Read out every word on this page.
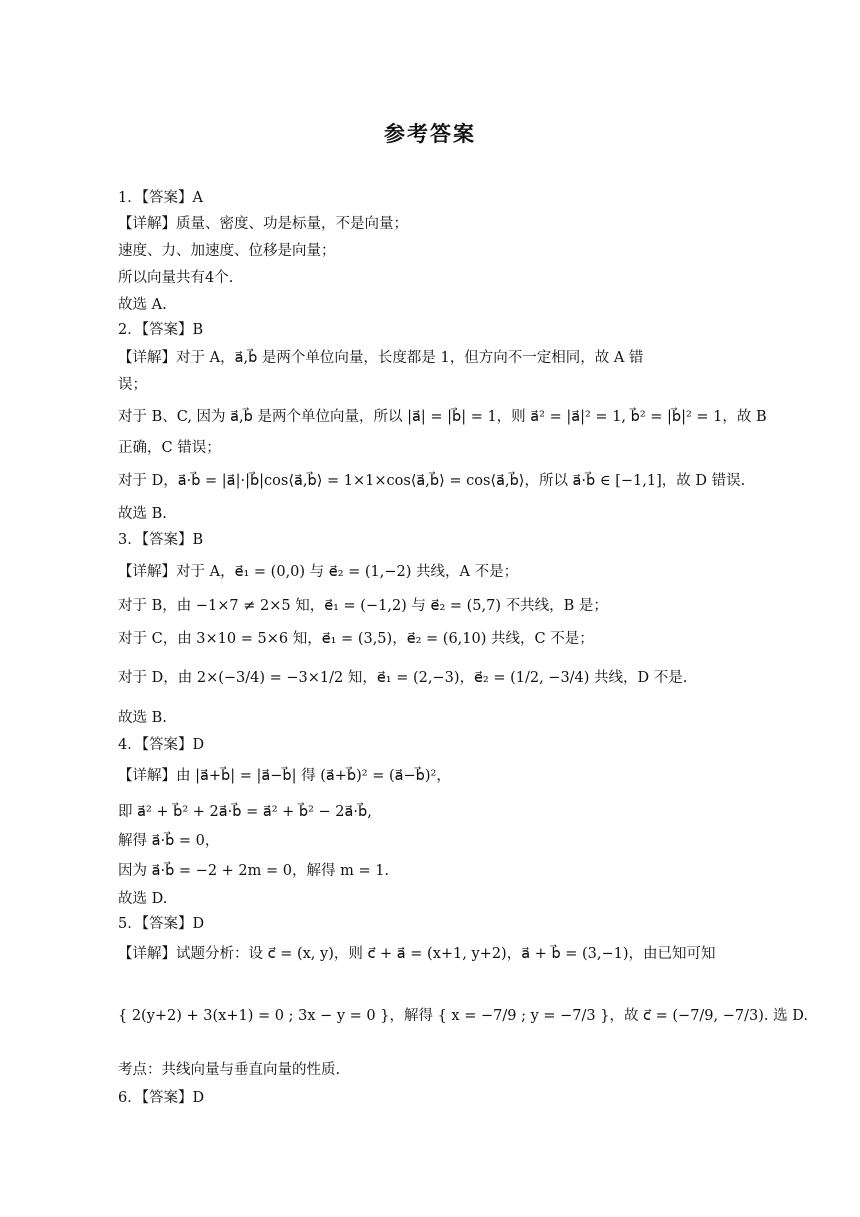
参考答案
1．【答案】A
【详解】质量、密度、功是标量，不是向量；
速度、力、加速度、位移是向量；
所以向量共有4个.
故选 A.
2．【答案】B
【详解】对于 A，a⃗,b⃗ 是两个单位向量，长度都是 1，但方向不一定相同，故 A 错
误；
对于 B、C, 因为 a⃗,b⃗ 是两个单位向量，所以 |a⃗| = |b⃗| = 1，则 a⃗² = |a⃗|² = 1, b⃗² = |b⃗|² = 1，故 B
正确，C 错误；
对于 D，a⃗·b⃗ = |a⃗|·|b⃗|cos⟨a⃗,b⃗⟩ = 1×1×cos⟨a⃗,b⃗⟩ = cos⟨a⃗,b⃗⟩，所以 a⃗·b⃗ ∈ [−1,1]，故 D 错误.
故选 B.
3．【答案】B
【详解】对于 A，e⃗₁ = (0,0) 与 e⃗₂ = (1,−2) 共线，A 不是；
对于 B，由 −1×7 ≠ 2×5 知，e⃗₁ = (−1,2) 与 e⃗₂ = (5,7) 不共线，B 是；
对于 C，由 3×10 = 5×6 知，e⃗₁ = (3,5)，e⃗₂ = (6,10) 共线，C 不是；
对于 D，由 2×(−3/4) = −3×1/2 知，e⃗₁ = (2,−3)，e⃗₂ = (1/2, −3/4) 共线，D 不是.
故选 B.
4．【答案】D
【详解】由 |a⃗+b⃗| = |a⃗−b⃗| 得 (a⃗+b⃗)² = (a⃗−b⃗)²，
即 a⃗² + b⃗² + 2a⃗·b⃗ = a⃗² + b⃗² − 2a⃗·b⃗,
解得 a⃗·b⃗ = 0，
因为 a⃗·b⃗ = −2 + 2m = 0，解得 m = 1.
故选 D.
5．【答案】D
【详解】试题分析：设 c⃗ = (x, y)，则 c⃗ + a⃗ = (x+1, y+2)，a⃗ + b⃗ = (3,−1)，由已知可知
{ 2(y+2) + 3(x+1) = 0 ; 3x − y = 0 }，解得 { x = −7/9 ; y = −7/3 }，故 c⃗ = (−7/9, −7/3). 选 D.
考点：共线向量与垂直向量的性质.
6．【答案】D
